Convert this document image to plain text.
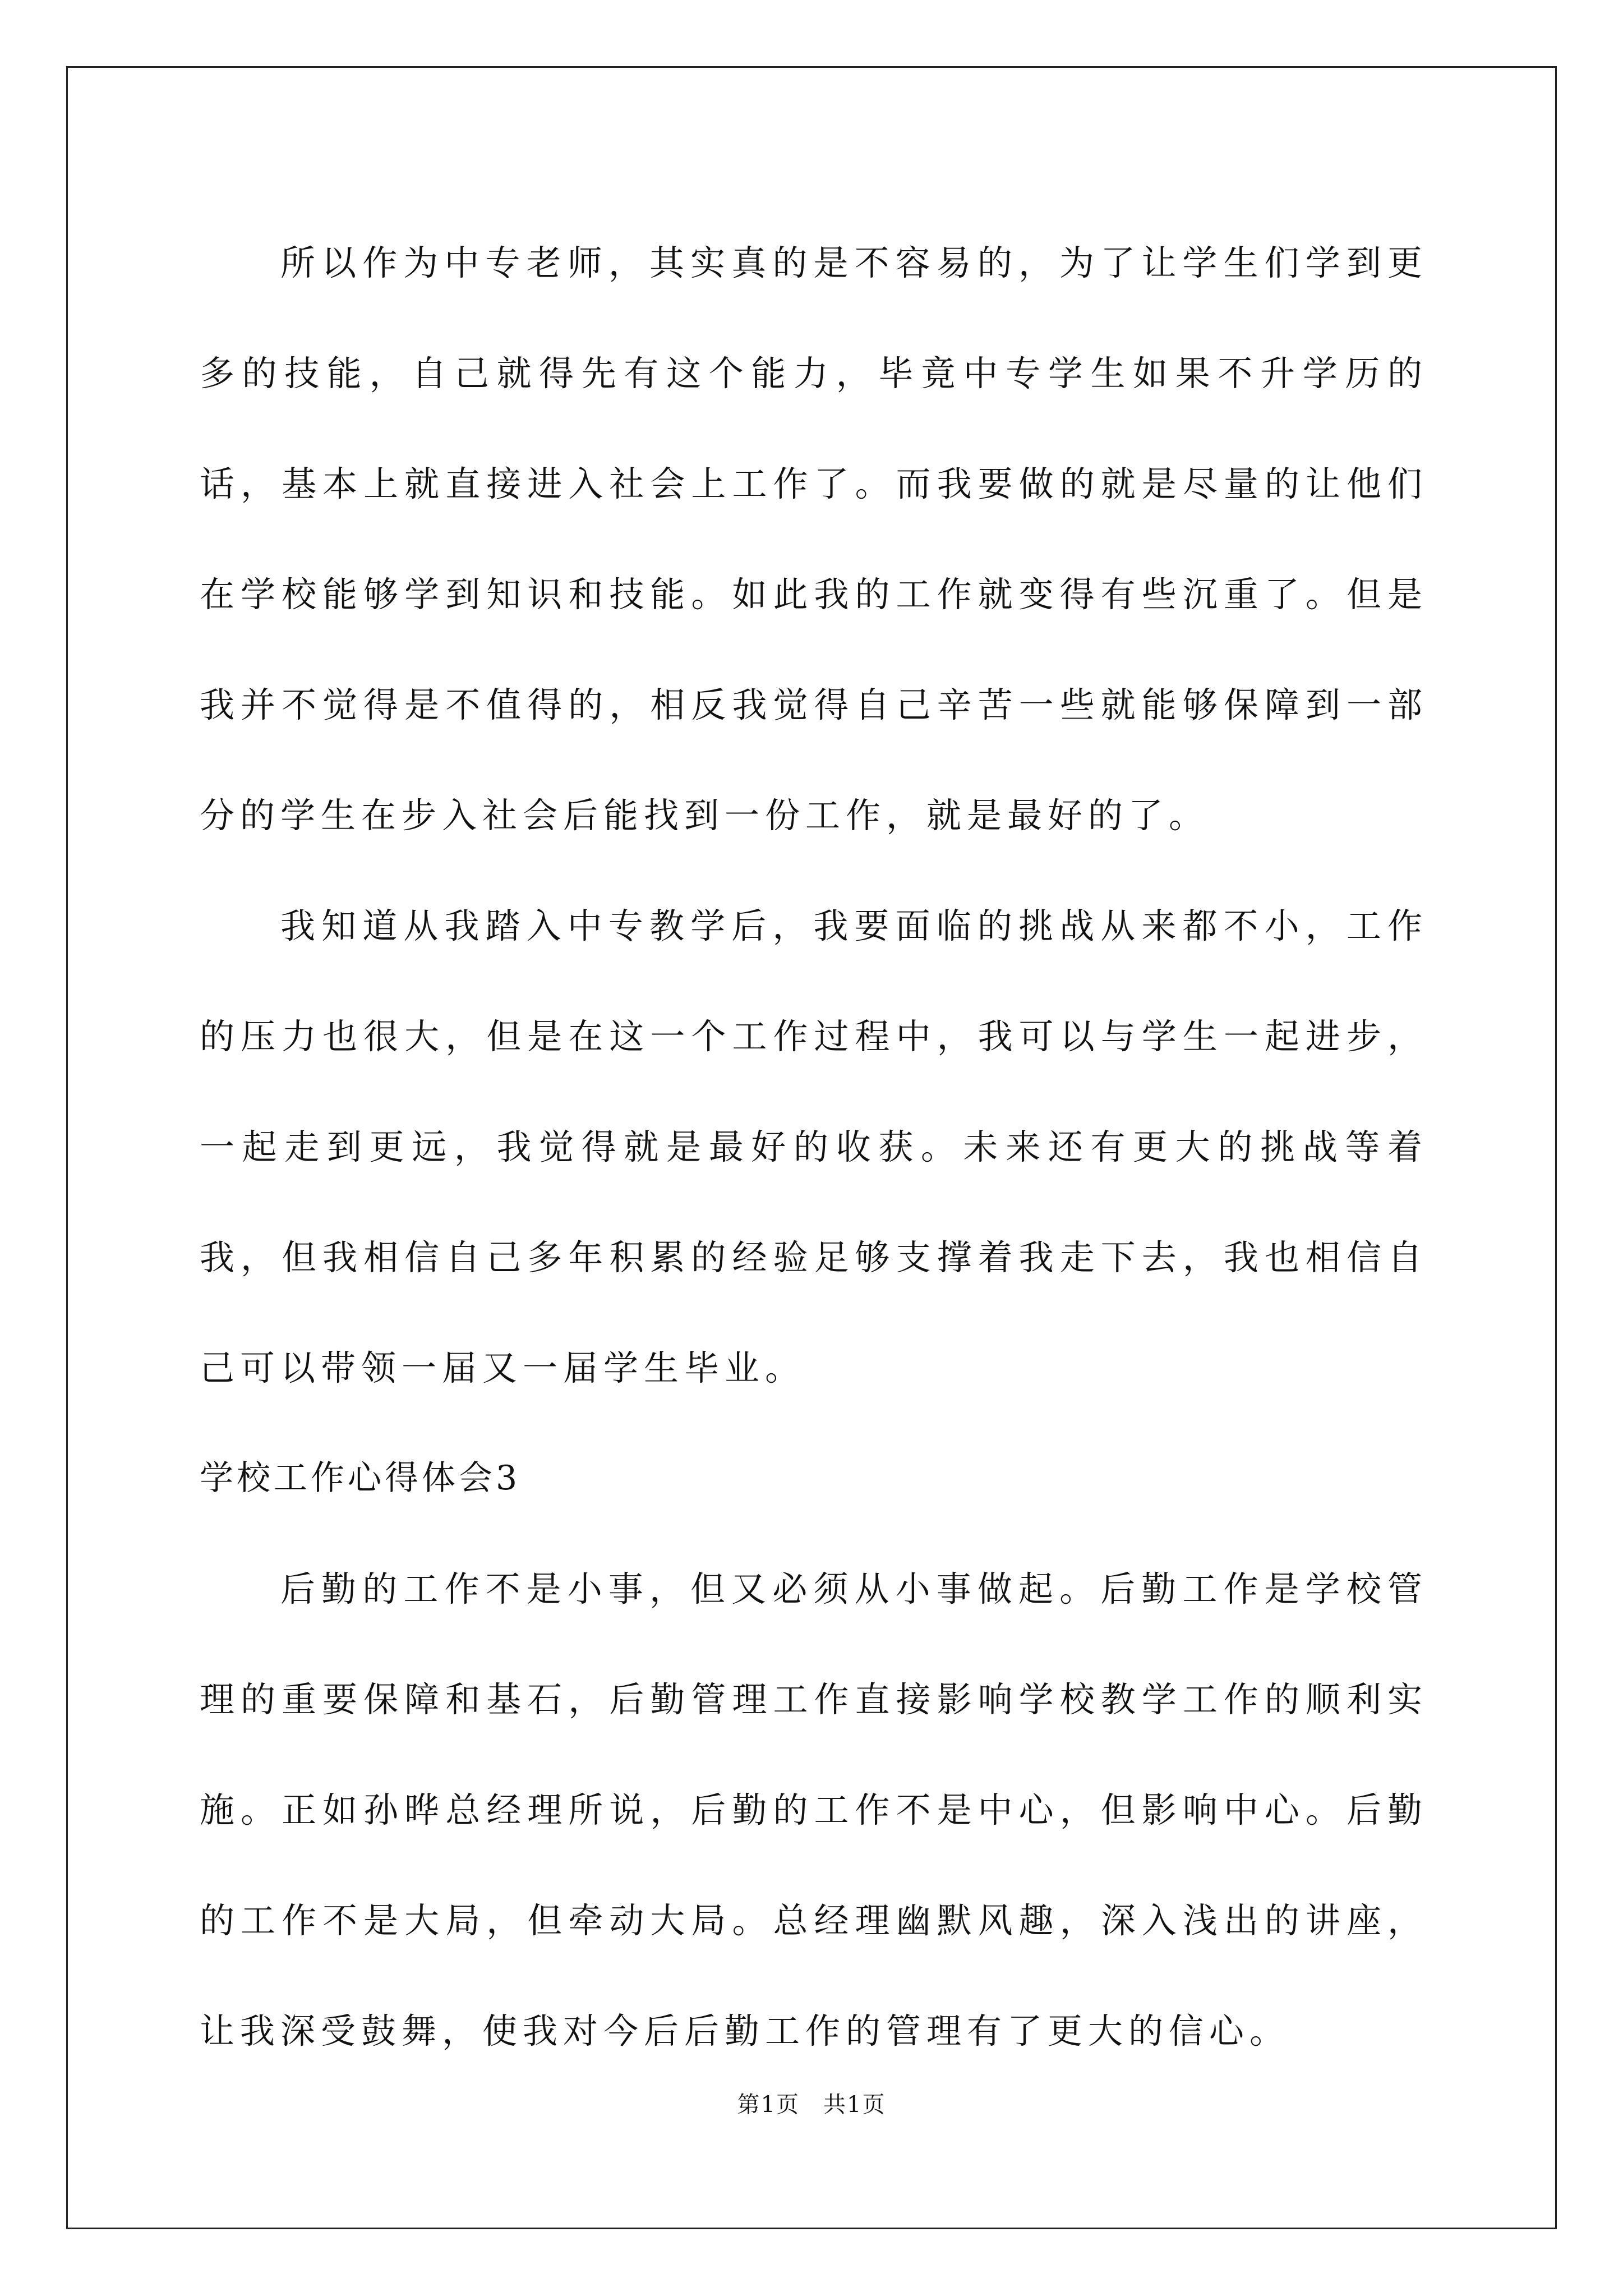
所以作为中专老师，其实真的是不容易的，为了让学生们学到更多的技能，自己就得先有这个能力，毕竟中专学生如果不升学历的话，基本上就直接进入社会上工作了。而我要做的就是尽量的让他们在学校能够学到知识和技能。如此我的工作就变得有些沉重了。但是我并不觉得是不值得的，相反我觉得自己辛苦一些就能够保障到一部分的学生在步入社会后能找到一份工作，就是最好的了。

我知道从我踏入中专教学后，我要面临的挑战从来都不小，工作的压力也很大，但是在这一个工作过程中，我可以与学生一起进步，一起走到更远，我觉得就是最好的收获。未来还有更大的挑战等着我，但我相信自己多年积累的经验足够支撑着我走下去，我也相信自己可以带领一届又一届学生毕业。

学校工作心得体会3

后勤的工作不是小事，但又必须从小事做起。后勤工作是学校管理的重要保障和基石，后勤管理工作直接影响学校教学工作的顺利实施。正如孙晔总经理所说，后勤的工作不是中心，但影响中心。后勤的工作不是大局，但牵动大局。总经理幽默风趣，深入浅出的讲座，让我深受鼓舞，使我对今后后勤工作的管理有了更大的信心。

第1页　共1页
